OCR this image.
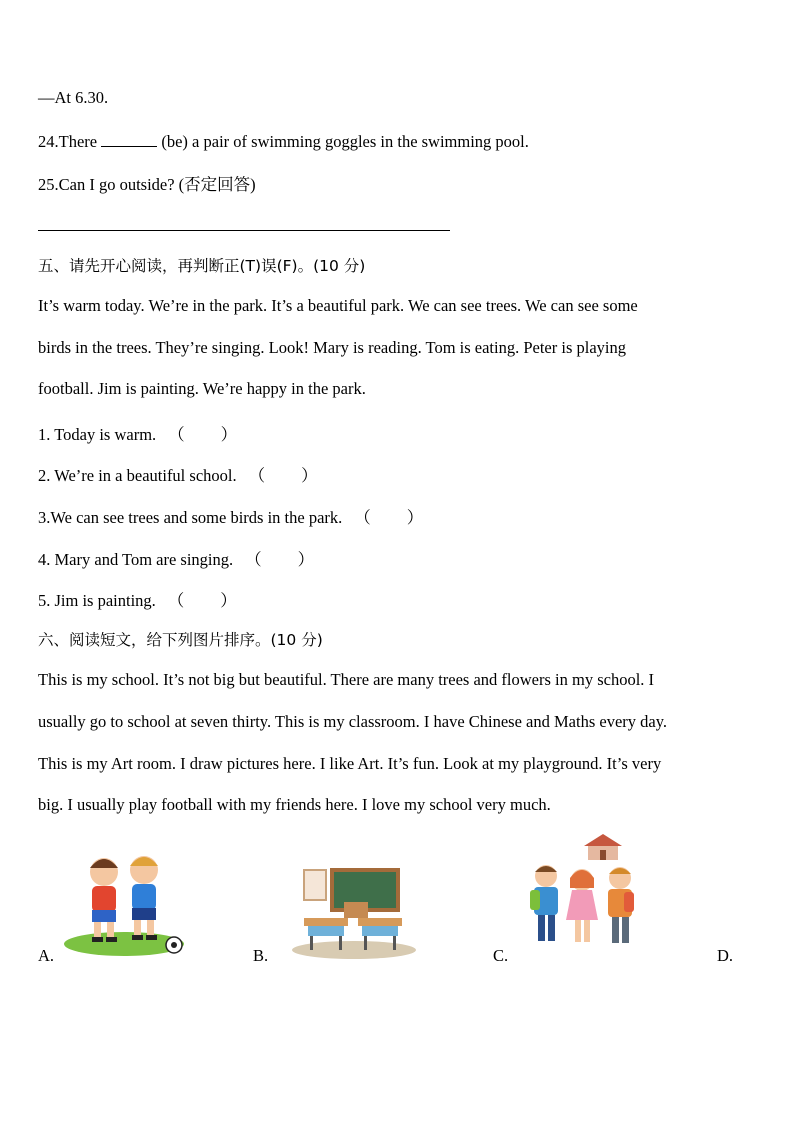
—At 6.30.
24.There	(be) a pair of swimming goggles in the swimming pool.
25.Can I go outside? (否定回答)
五、请先开心阅读，再判断正(T)误(F)。(10 分)
It’s warm today. We’re in the park. It’s a beautiful park. We can see trees. We can see some
birds in the trees. They’re singing. Look! Mary is reading. Tom is eating. Peter is playing
football. Jim is painting. We’re happy in the park.
1. Today is warm. （ ）
2. We’re in a beautiful school. （ ）
3.We can see trees and some birds in the park. （ ）
4. Mary and Tom are singing. （ ）
5. Jim is painting. （ ）
六、阅读短文，给下列图片排序。(10 分)
This is my school. It’s not big but beautiful. There are many trees and flowers in my school. I
usually go to school at seven thirty. This is my classroom. I have Chinese and Maths every day.
This is my Art room. I draw pictures here. I like Art. It’s fun. Look at my playground. It’s very
big. I usually play football with my friends here. I love my school very much.
A.	B.	C.	D.
